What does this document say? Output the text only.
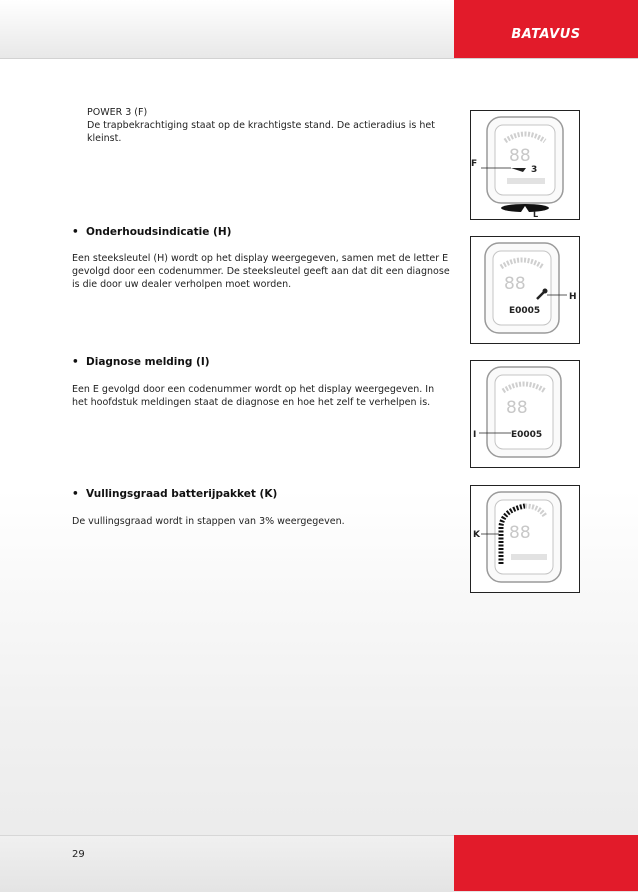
BATAVUS
POWER 3 (F)
De trapbekrachtiging staat op de krachtigste stand. De actieradius is het
kleinst.
88
3
F
L
• Onderhoudsindicatie (H)
Een steeksleutel (H) wordt op het display weergegeven, samen met de letter E
gevolgd door een codenummer. De steeksleutel geeft aan dat dit een diagnose
is die door uw dealer verholpen moet worden.	88
E0005
H
• Diagnose melding (I)
Een E gevolgd door een codenummer wordt op het display weergegeven. In
het hoofdstuk meldingen staat de diagnose en hoe het zelf te verhelpen is.	88
E0005
I
• Vullingsgraad batterijpakket (K)
De vullingsgraad wordt in stappen van 3% weergegeven.
88
K
29
